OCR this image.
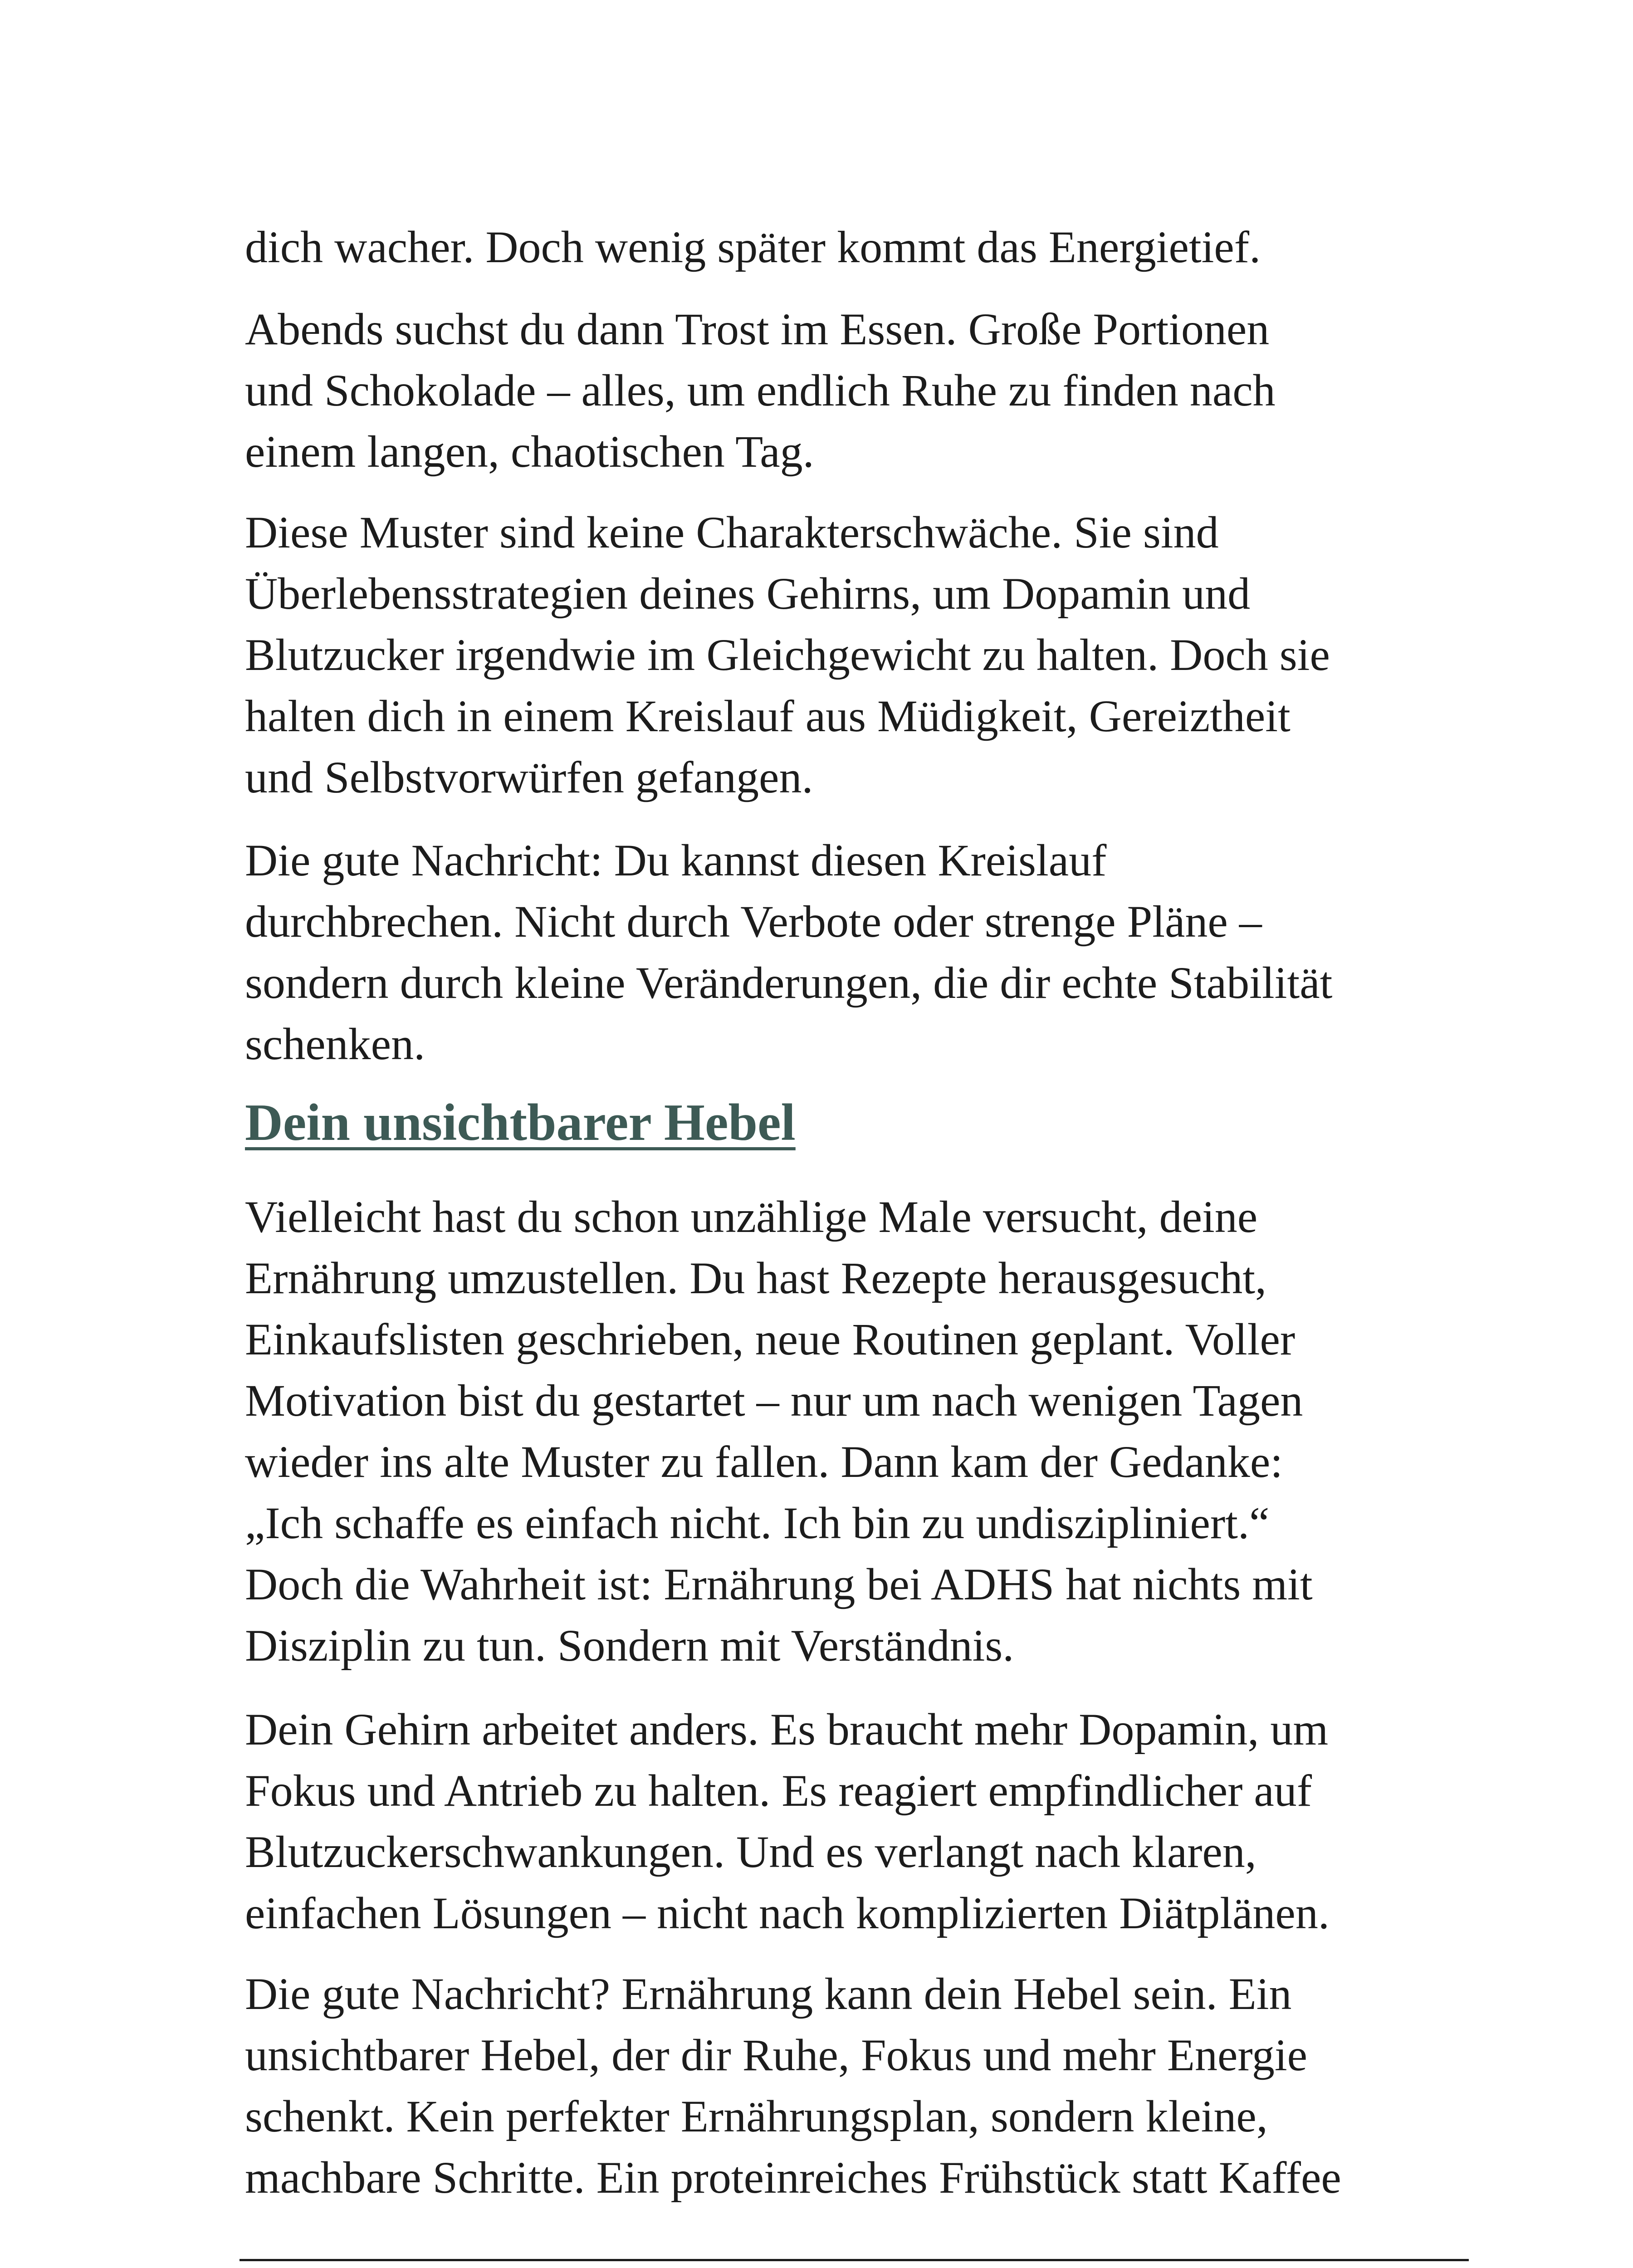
dich wacher. Doch wenig später kommt das Energietief.
Abends suchst du dann Trost im Essen. Große Portionen
und Schokolade – alles, um endlich Ruhe zu finden nach
einem langen, chaotischen Tag.
Diese Muster sind keine Charakterschwäche. Sie sind
Überlebensstrategien deines Gehirns, um Dopamin und
Blutzucker irgendwie im Gleichgewicht zu halten. Doch sie
halten dich in einem Kreislauf aus Müdigkeit, Gereiztheit
und Selbstvorwürfen gefangen.
Die gute Nachricht: Du kannst diesen Kreislauf
durchbrechen. Nicht durch Verbote oder strenge Pläne –
sondern durch kleine Veränderungen, die dir echte Stabilität
schenken.
Dein unsichtbarer Hebel
Vielleicht hast du schon unzählige Male versucht, deine
Ernährung umzustellen. Du hast Rezepte herausgesucht,
Einkaufslisten geschrieben, neue Routinen geplant. Voller
Motivation bist du gestartet – nur um nach wenigen Tagen
wieder ins alte Muster zu fallen. Dann kam der Gedanke:
„Ich schaffe es einfach nicht. Ich bin zu undiszipliniert.“
Doch die Wahrheit ist: Ernährung bei ADHS hat nichts mit
Disziplin zu tun. Sondern mit Verständnis.
Dein Gehirn arbeitet anders. Es braucht mehr Dopamin, um
Fokus und Antrieb zu halten. Es reagiert empfindlicher auf
Blutzuckerschwankungen. Und es verlangt nach klaren,
einfachen Lösungen – nicht nach komplizierten Diätplänen.
Die gute Nachricht? Ernährung kann dein Hebel sein. Ein
unsichtbarer Hebel, der dir Ruhe, Fokus und mehr Energie
schenkt. Kein perfekter Ernährungsplan, sondern kleine,
machbare Schritte. Ein proteinreiches Frühstück statt Kaffee
